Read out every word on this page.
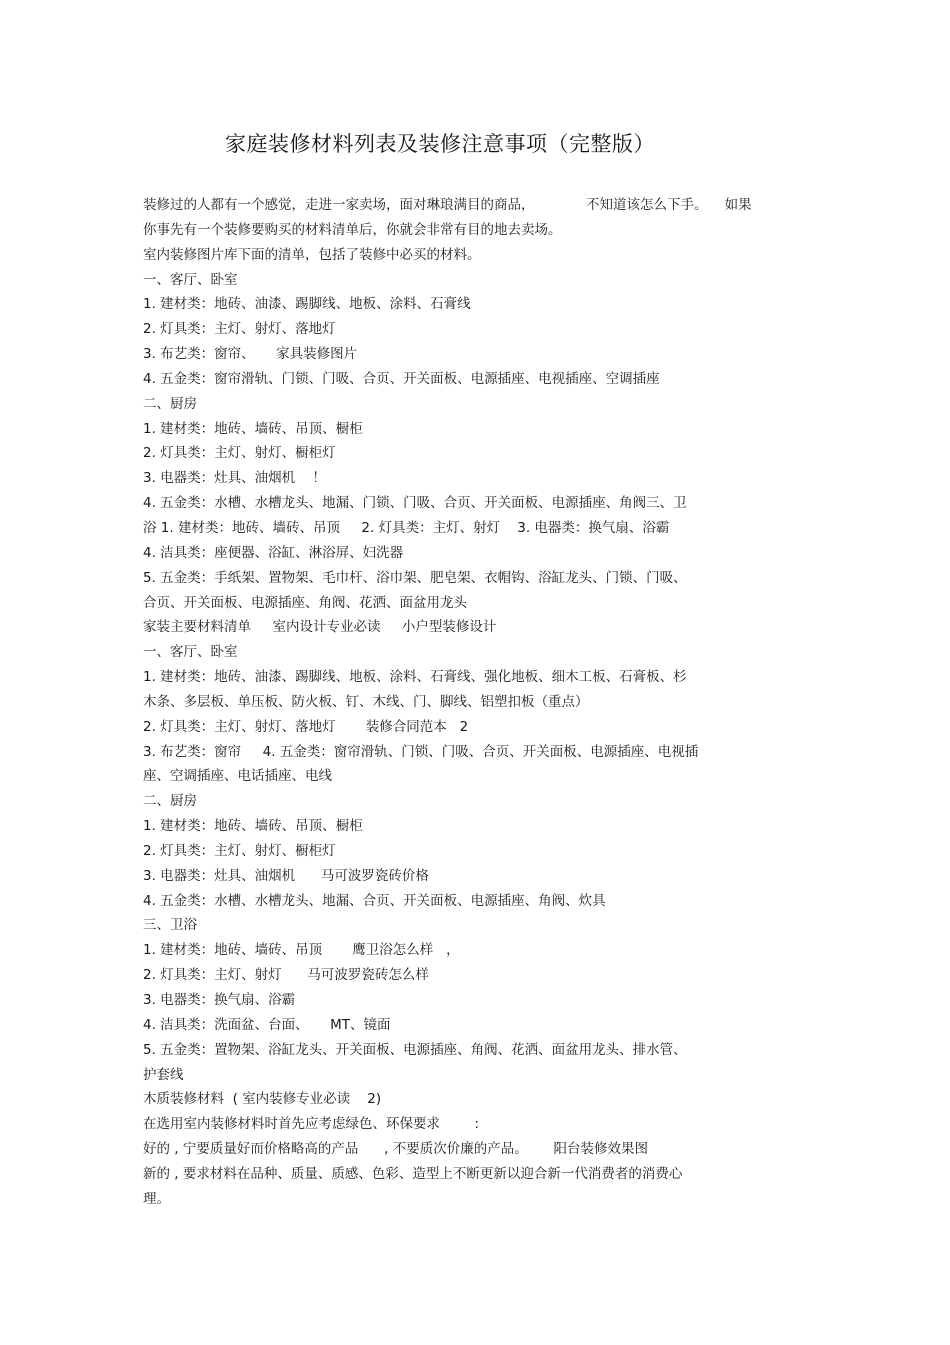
家庭装修材料列表及装修注意事项（完整版）

装修过的人都有一个感觉，走进一家卖场，面对琳琅满目的商品，            不知道该怎么下手。    如果

你事先有一个装修要购买的材料清单后，你就会非常有目的地去卖场。

室内装修图片库下面的清单，包括了装修中必买的材料。

一、客厅、卧室

1. 建材类：地砖、油漆、踢脚线、地板、涂料、石膏线

2. 灯具类：主灯、射灯、落地灯

3. 布艺类：窗帘、     家具装修图片

4. 五金类：窗帘滑轨、门锁、门吸、合页、开关面板、电源插座、电视插座、空调插座

二、厨房

1. 建材类：地砖、墙砖、吊顶、橱柜

2. 灯具类：主灯、射灯、橱柜灯

3. 电器类：灶具、油烟机    ！

4. 五金类：水槽、水槽龙头、地漏、门锁、门吸、合页、开关面板、电源插座、角阀三、卫

浴 1. 建材类：地砖、墙砖、吊顶     2. 灯具类：主灯、射灯    3. 电器类：换气扇、浴霸

4. 洁具类：座便器、浴缸、淋浴屏、妇洗器

5. 五金类：手纸架、置物架、毛巾杆、浴巾架、肥皂架、衣帽钩、浴缸龙头、门锁、门吸、

合页、开关面板、电源插座、角阀、花洒、面盆用龙头

家装主要材料清单     室内设计专业必读     小户型装修设计

一、客厅、卧室

1. 建材类：地砖、油漆、踢脚线、地板、涂料、石膏线、强化地板、细木工板、石膏板、杉

木条、多层板、单压板、防火板、钉、木线、门、脚线、铝塑扣板（重点）

2. 灯具类：主灯、射灯、落地灯       装修合同范本   2

3. 布艺类：窗帘     4. 五金类：窗帘滑轨、门锁、门吸、合页、开关面板、电源插座、电视插

座、空调插座、电话插座、电线

二、厨房

1. 建材类：地砖、墙砖、吊顶、橱柜

2. 灯具类：主灯、射灯、橱柜灯

3. 电器类：灶具、油烟机      马可波罗瓷砖价格

4. 五金类：水槽、水槽龙头、地漏、合页、开关面板、电源插座、角阀、炊具

三、卫浴

1. 建材类：地砖、墙砖、吊顶       鹰卫浴怎么样   ，

2. 灯具类：主灯、射灯      马可波罗瓷砖怎么样

3. 电器类：换气扇、浴霸

4. 洁具类：洗面盆、台面、     MT、镜面

5. 五金类：置物架、浴缸龙头、开关面板、电源插座、角阀、花洒、面盆用龙头、排水管、

护套线

木质装修材料  ( 室内装修专业必读    2)

在选用室内装修材料时首先应考虑绿色、环保要求        :

好的 , 宁要质量好而价格略高的产品      , 不要质次价廉的产品。      阳台装修效果图

新的 , 要求材料在品种、质量、质感、色彩、造型上不断更新以迎合新一代消费者的消费心

理。
